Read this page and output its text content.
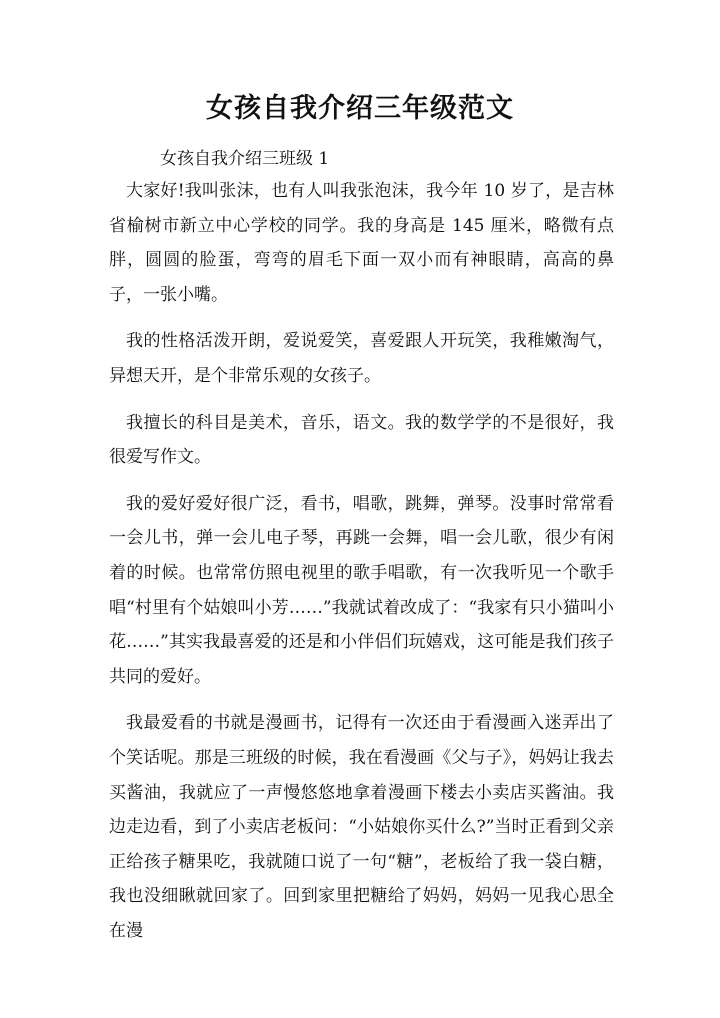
女孩自我介绍三年级范文
女孩自我介绍三班级 1

大家好!我叫张沫，也有人叫我张泡沫，我今年 10 岁了，是吉林省榆树市新立中心学校的同学。我的身高是 145 厘米，略微有点胖，圆圆的脸蛋，弯弯的眉毛下面一双小而有神眼睛，高高的鼻子，一张小嘴。

我的性格活泼开朗，爱说爱笑，喜爱跟人开玩笑，我稚嫩淘气，异想天开，是个非常乐观的女孩子。

我擅长的科目是美术，音乐，语文。我的数学学的不是很好，我很爱写作文。

我的爱好爱好很广泛，看书，唱歌，跳舞，弹琴。没事时常常看一会儿书，弹一会儿电子琴，再跳一会舞，唱一会儿歌，很少有闲着的时候。也常常仿照电视里的歌手唱歌，有一次我听见一个歌手唱“村里有个姑娘叫小芳……”我就试着改成了：“我家有只小猫叫小花……”其实我最喜爱的还是和小伴侣们玩嬉戏，这可能是我们孩子共同的爱好。

我最爱看的书就是漫画书，记得有一次还由于看漫画入迷弄出了个笑话呢。那是三班级的时候，我在看漫画《父与子》，妈妈让我去买酱油，我就应了一声慢悠悠地拿着漫画下楼去小卖店买酱油。我边走边看，到了小卖店老板问：“小姑娘你买什么?”当时正看到父亲正给孩子糖果吃，我就随口说了一句“糖”，老板给了我一袋白糖，我也没细瞅就回家了。回到家里把糖给了妈妈，妈妈一见我心思全在漫
